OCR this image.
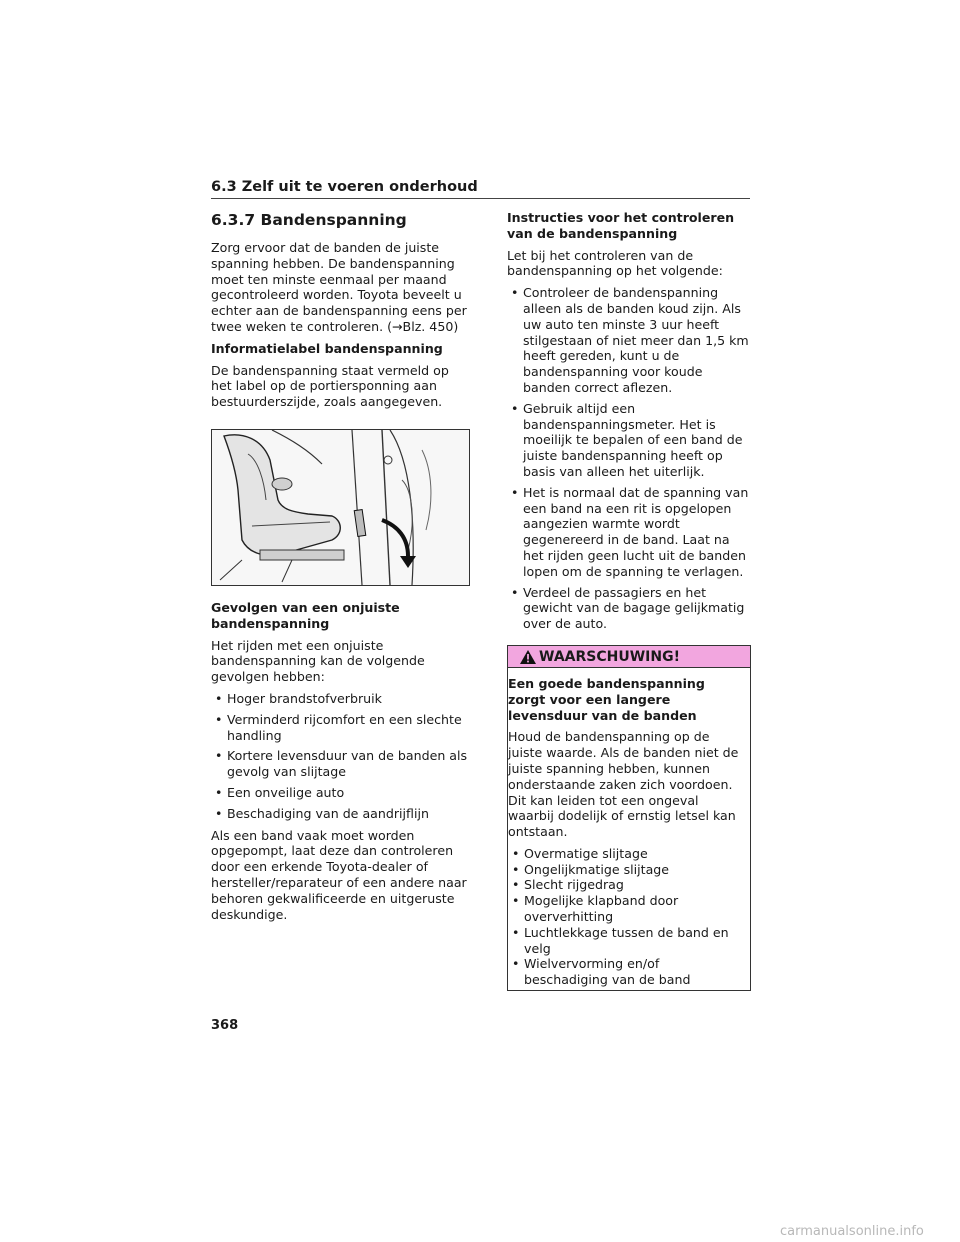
6.3 Zelf uit te voeren onderhoud
6.3.7 Bandenspanning

Zorg ervoor dat de banden de juiste spanning hebben. De bandenspanning moet ten minste eenmaal per maand gecontroleerd worden. Toyota beveelt u echter aan de bandenspanning eens per twee weken te controleren. (→Blz. 450)

Informatielabel bandenspanning

De bandenspanning staat vermeld op het label op de portiersponning aan bestuurderszijde, zoals aangegeven.

Gevolgen van een onjuiste bandenspanning

Het rijden met een onjuiste bandenspanning kan de volgende gevolgen hebben:

• Hoger brandstofverbruik
• Verminderd rijcomfort en een slechte handling
• Kortere levensduur van de banden als gevolg van slijtage
• Een onveilige auto
• Beschadiging van de aandrijflijn

Als een band vaak moet worden opgepompt, laat deze dan controleren door een erkende Toyota-dealer of hersteller/reparateur of een andere naar behoren gekwalificeerde en uitgeruste deskundige.

Instructies voor het controleren van de bandenspanning

Let bij het controleren van de bandenspanning op het volgende:

• Controleer de bandenspanning alleen als de banden koud zijn. Als uw auto ten minste 3 uur heeft stilgestaan of niet meer dan 1,5 km heeft gereden, kunt u de bandenspanning voor koude banden correct aflezen.
• Gebruik altijd een bandenspanningsmeter. Het is moeilijk te bepalen of een band de juiste bandenspanning heeft op basis van alleen het uiterlijk.
• Het is normaal dat de spanning van een band na een rit is opgelopen aangezien warmte wordt gegenereerd in de band. Laat na het rijden geen lucht uit de banden lopen om de spanning te verlagen.
• Verdeel de passagiers en het gewicht van de bagage gelijkmatig over de auto.
WAARSCHUWING!
Een goede bandenspanning zorgt voor een langere levensduur van de banden

Houd de bandenspanning op de juiste waarde. Als de banden niet de juiste spanning hebben, kunnen onderstaande zaken zich voordoen. Dit kan leiden tot een ongeval waarbij dodelijk of ernstig letsel kan ontstaan.

• Overmatige slijtage
• Ongelijkmatige slijtage
• Slecht rijgedrag
• Mogelijke klapband door oververhitting
• Luchtlekkage tussen de band en velg
• Wielvervorming en/of beschadiging van de band
368
carmanualsonline.info
